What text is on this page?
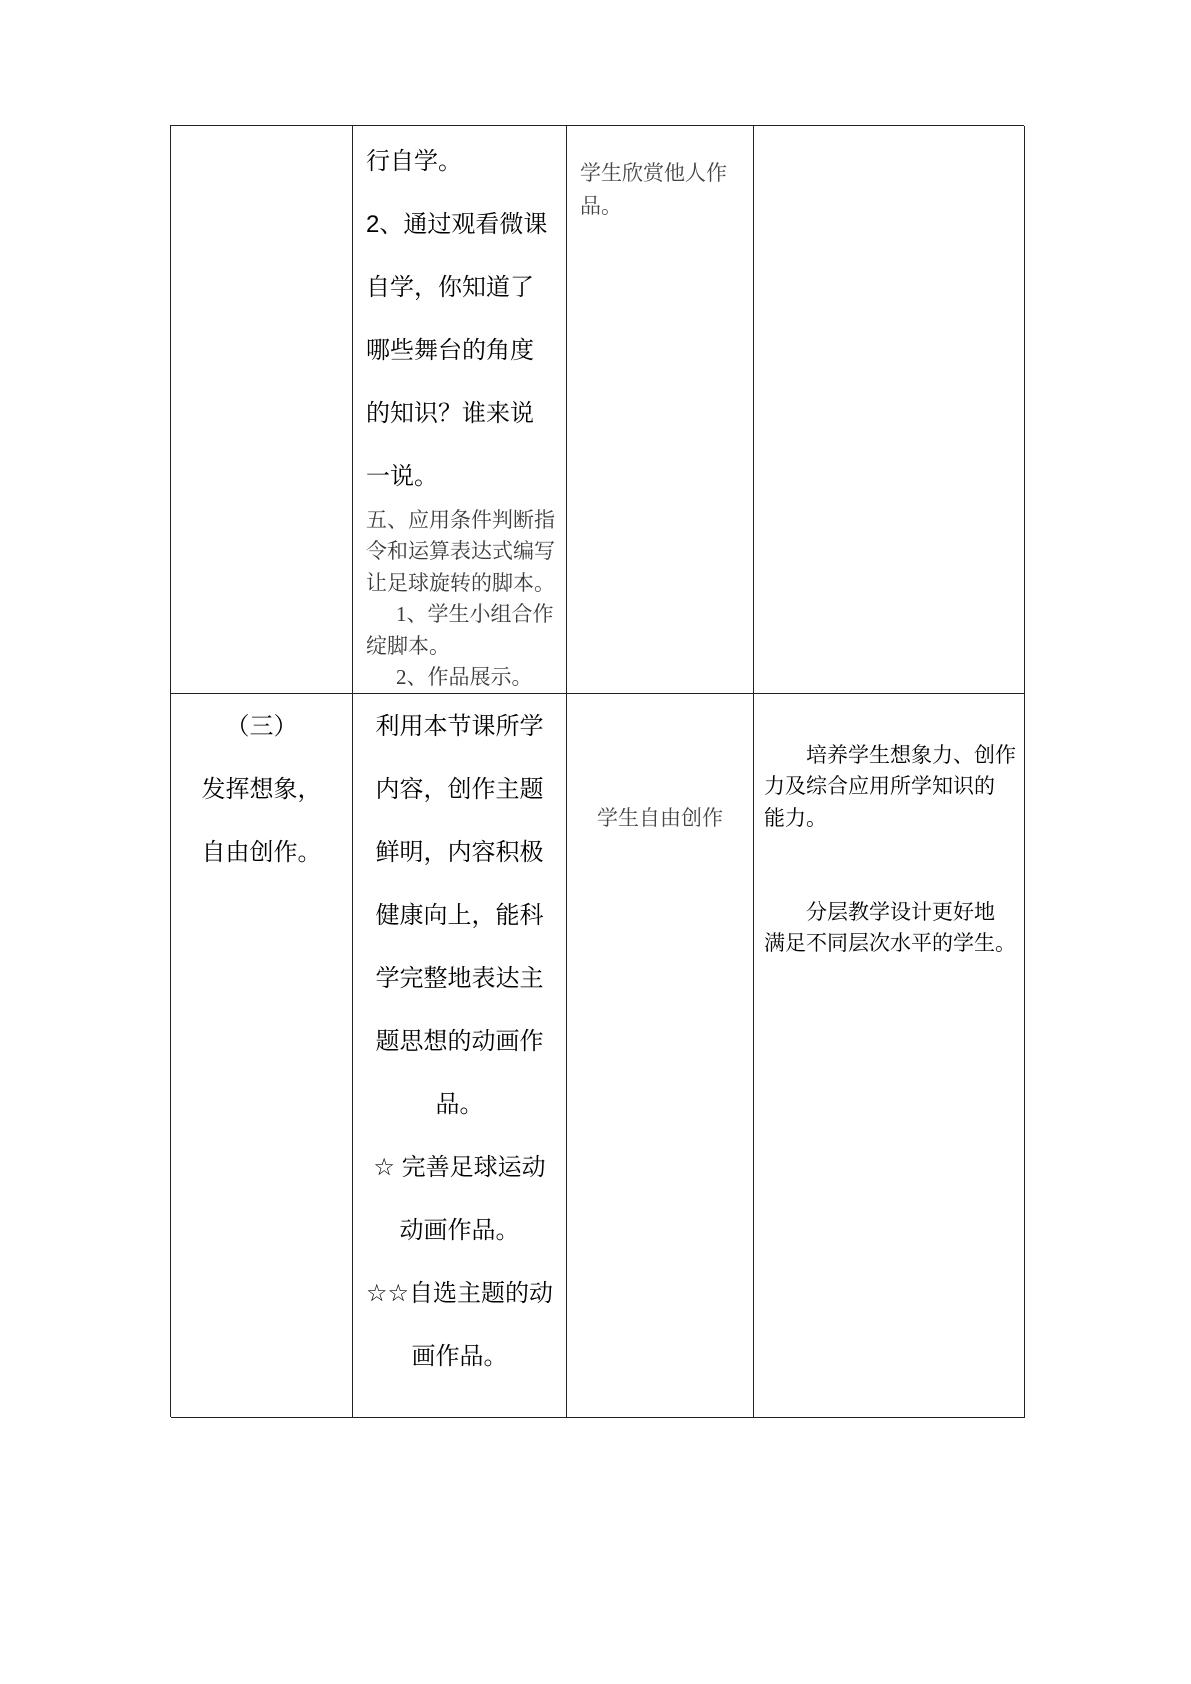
行自学。
2、通过观看微课
自学，你知道了
哪些舞台的角度
的知识？谁来说
一说。
五、应用条件判断指
令和运算表达式编写
让足球旋转的脚本。
1、学生小组合作
绽脚本。
2、作品展示。
学生欣赏他人作
品。
（三）
发挥想象，
自由创作。
利用本节课所学
内容，创作主题
鲜明，内容积极
健康向上，能科
学完整地表达主
题思想的动画作
品。
☆ 完善足球运动
动画作品。
☆☆自选主题的动
画作品。
学生自由创作
培养学生想象力、创作
力及综合应用所学知识的
能力。
分层教学设计更好地
满足不同层次水平的学生。
